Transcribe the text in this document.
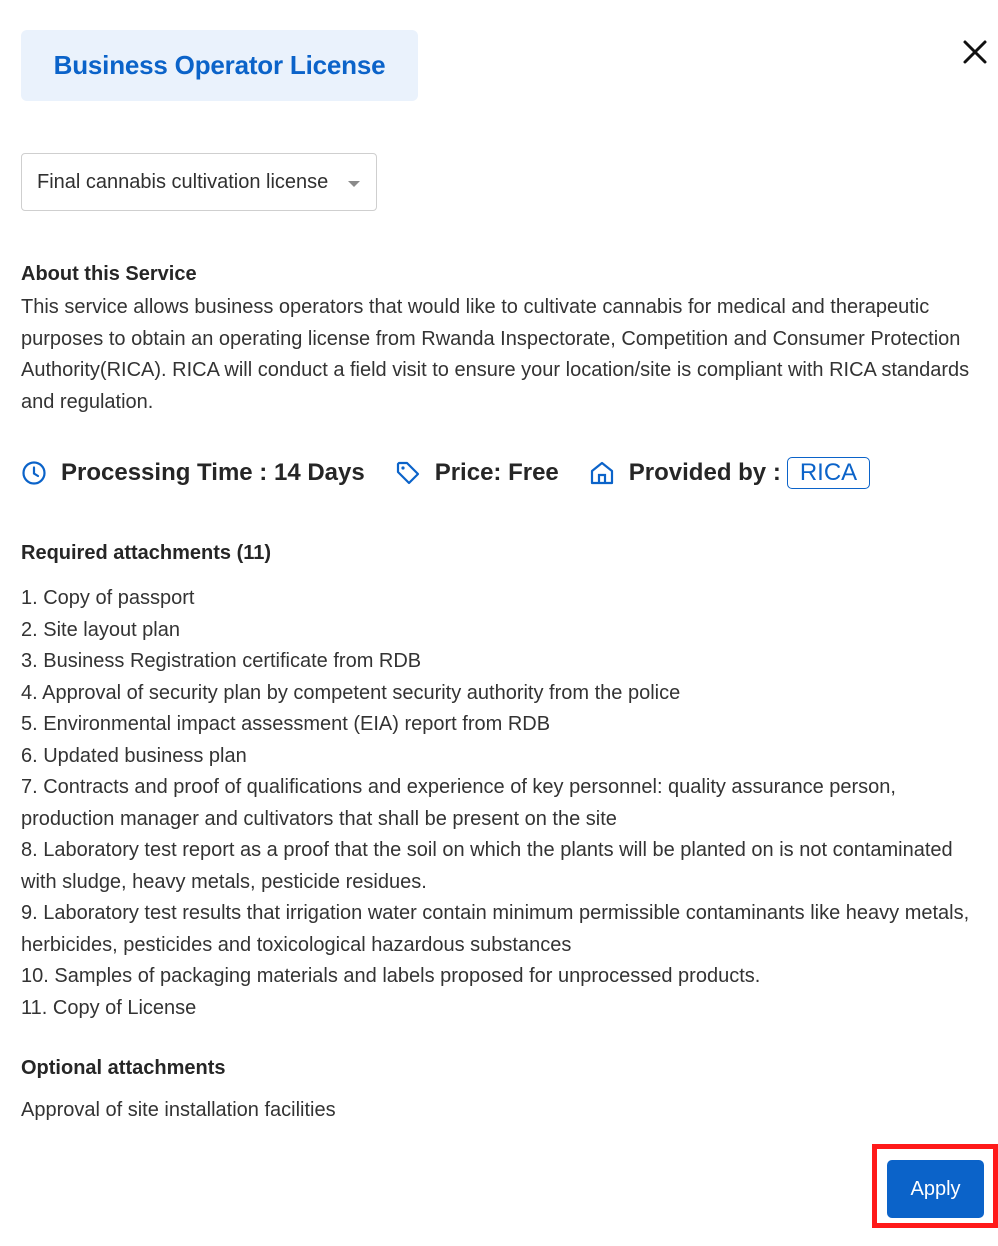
Business Operator License
Final cannabis cultivation license
About this Service
This service allows business operators that would like to cultivate cannabis for medical and therapeutic purposes to obtain an operating license from Rwanda Inspectorate, Competition and Consumer Protection Authority(RICA). RICA will conduct a field visit to ensure your location/site is compliant with RICA standards and regulation.
Processing Time : 14 Days	Price: Free	Provided by : RICA
Required attachments (11)
1. Copy of passport
2. Site layout plan
3. Business Registration certificate from RDB
4. Approval of security plan by competent security authority from the police
5. Environmental impact assessment (EIA) report from RDB
6. Updated business plan
7. Contracts and proof of qualifications and experience of key personnel: quality assurance person, production manager and cultivators that shall be present on the site
8. Laboratory test report as a proof that the soil on which the plants will be planted on is not contaminated with sludge, heavy metals, pesticide residues.
9. Laboratory test results that irrigation water contain minimum permissible contaminants like heavy metals, herbicides, pesticides and toxicological hazardous substances
10. Samples of packaging materials and labels proposed for unprocessed products.
11. Copy of License
Optional attachments
Approval of site installation facilities
Apply
